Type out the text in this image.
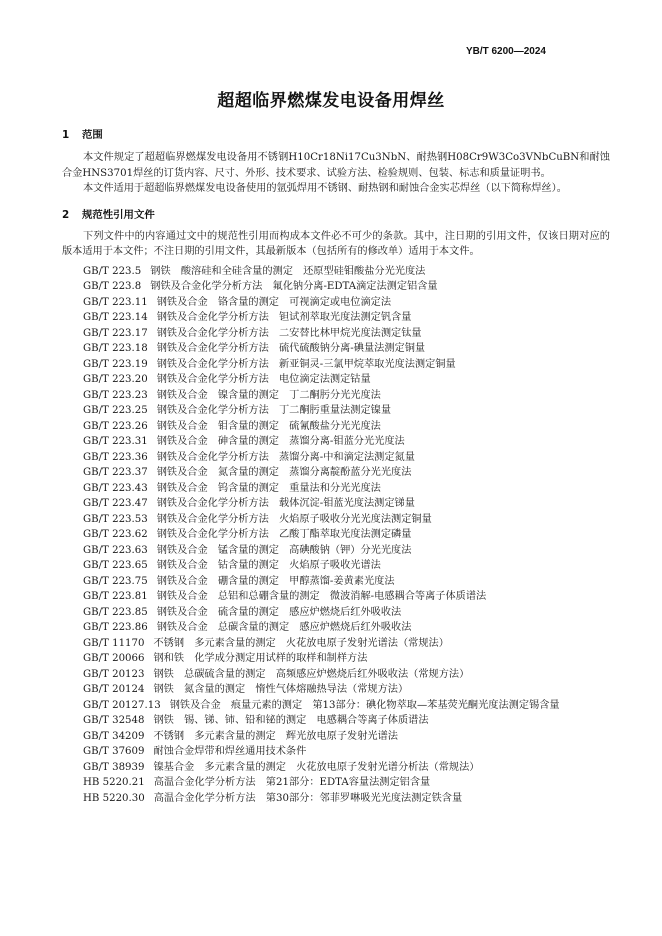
YB/T 6200—2024
超超临界燃煤发电设备用焊丝
1 范围

本文件规定了超超临界燃煤发电设备用不锈钢H10Cr18Ni17Cu3NbN、耐热钢H08Cr9W3Co3VNbCuBN和耐蚀合金HNS3701焊丝的订货内容、尺寸、外形、技术要求、试验方法、检验规则、包装、标志和质量证明书。

本文件适用于超超临界燃煤发电设备使用的氩弧焊用不锈钢、耐热钢和耐蚀合金实芯焊丝（以下简称焊丝）。

2 规范性引用文件

下列文件中的内容通过文中的规范性引用而构成本文件必不可少的条款。其中，注日期的引用文件，仅该日期对应的版本适用于本文件；不注日期的引用文件，其最新版本（包括所有的修改单）适用于本文件。

GB/T 223.5 钢铁　酸溶硅和全硅含量的测定　还原型硅钼酸盐分光光度法
GB/T 223.8 钢铁及合金化学分析方法　氟化钠分离-EDTA滴定法测定铝含量
GB/T 223.11 钢铁及合金　铬含量的测定　可视滴定或电位滴定法
GB/T 223.14 钢铁及合金化学分析方法　钽试剂萃取光度法测定钒含量
GB/T 223.17 钢铁及合金化学分析方法　二安替比林甲烷光度法测定钛量
GB/T 223.18 钢铁及合金化学分析方法　硫代硫酸钠分离-碘量法测定铜量
GB/T 223.19 钢铁及合金化学分析方法　新亚铜灵-三氯甲烷萃取光度法测定铜量
GB/T 223.20 钢铁及合金化学分析方法　电位滴定法测定钴量
GB/T 223.23 钢铁及合金　镍含量的测定　丁二酮肟分光光度法
GB/T 223.25 钢铁及合金化学分析方法　丁二酮肟重量法测定镍量
GB/T 223.26 钢铁及合金　钼含量的测定　硫氰酸盐分光光度法
GB/T 223.31 钢铁及合金　砷含量的测定　蒸馏分离-钼蓝分光光度法
GB/T 223.36 钢铁及合金化学分析方法　蒸馏分离-中和滴定法测定氮量
GB/T 223.37 钢铁及合金　氮含量的测定　蒸馏分离靛酚蓝分光光度法
GB/T 223.43 钢铁及合金　钨含量的测定　重量法和分光光度法
GB/T 223.47 钢铁及合金化学分析方法　载体沉淀-钼蓝光度法测定锑量
GB/T 223.53 钢铁及合金化学分析方法　火焰原子吸收分光光度法测定铜量
GB/T 223.62 钢铁及合金化学分析方法　乙酸丁酯萃取光度法测定磷量
GB/T 223.63 钢铁及合金　锰含量的测定　高碘酸钠（钾）分光光度法
GB/T 223.65 钢铁及合金　钴含量的测定　火焰原子吸收光谱法
GB/T 223.75 钢铁及合金　硼含量的测定　甲醇蒸馏-姜黄素光度法
GB/T 223.81 钢铁及合金　总铝和总硼含量的测定　微波消解-电感耦合等离子体质谱法
GB/T 223.85 钢铁及合金　硫含量的测定　感应炉燃烧后红外吸收法
GB/T 223.86 钢铁及合金　总碳含量的测定　感应炉燃烧后红外吸收法
GB/T 11170 不锈钢　多元素含量的测定　火花放电原子发射光谱法（常规法）
GB/T 20066 钢和铁　化学成分测定用试样的取样和制样方法
GB/T 20123 钢铁　总碳硫含量的测定　高频感应炉燃烧后红外吸收法（常规方法）
GB/T 20124 钢铁　氮含量的测定　惰性气体熔融热导法（常规方法）
GB/T 20127.13 钢铁及合金　痕量元素的测定　第13部分：碘化物萃取—苯基荧光酮光度法测定锡含量
GB/T 32548 钢铁　锡、锑、铈、铅和铋的测定　电感耦合等离子体质谱法
GB/T 34209 不锈钢　多元素含量的测定　辉光放电原子发射光谱法
GB/T 37609 耐蚀合金焊带和焊丝通用技术条件
GB/T 38939 镍基合金　多元素含量的测定　火花放电原子发射光谱分析法（常规法）
HB 5220.21 高温合金化学分析方法　第21部分：EDTA容量法测定铝含量
HB 5220.30 高温合金化学分析方法　第30部分：邻菲罗啉吸光光度法测定铁含量
